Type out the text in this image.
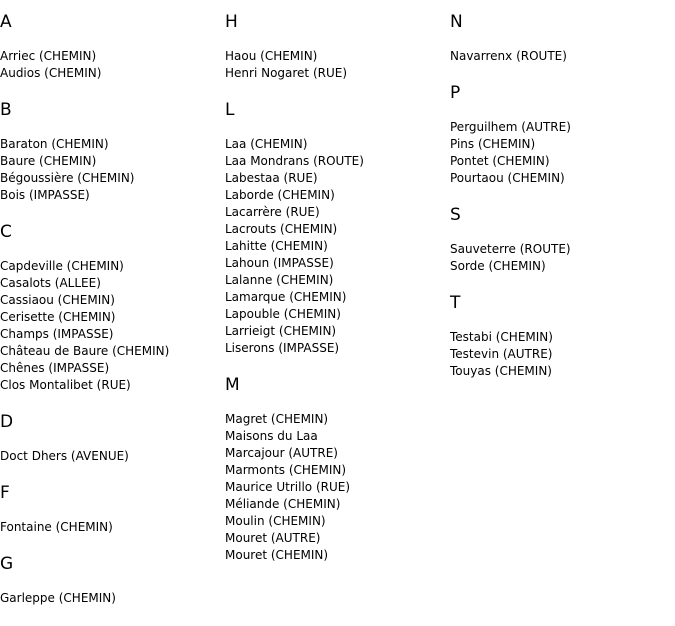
A
Arriec (CHEMIN)
Audios (CHEMIN)
B
Baraton (CHEMIN)
Baure (CHEMIN)
Bégoussière (CHEMIN)
Bois (IMPASSE)
C
Capdeville (CHEMIN)
Casalots (ALLEE)
Cassiaou (CHEMIN)
Cerisette (CHEMIN)
Champs (IMPASSE)
Château de Baure (CHEMIN)
Chênes (IMPASSE)
Clos Montalibet (RUE)
D
Doct Dhers (AVENUE)
F
Fontaine (CHEMIN)
G
Garleppe (CHEMIN)
H
Haou (CHEMIN)
Henri Nogaret (RUE)
L
Laa (CHEMIN)
Laa Mondrans (ROUTE)
Labestaa (RUE)
Laborde (CHEMIN)
Lacarrère (RUE)
Lacrouts (CHEMIN)
Lahitte (CHEMIN)
Lahoun (IMPASSE)
Lalanne (CHEMIN)
Lamarque (CHEMIN)
Lapouble (CHEMIN)
Larrieigt (CHEMIN)
Liserons (IMPASSE)
M
Magret (CHEMIN)
Maisons du Laa
Marcajour (AUTRE)
Marmonts (CHEMIN)
Maurice Utrillo (RUE)
Méliande (CHEMIN)
Moulin (CHEMIN)
Mouret (AUTRE)
Mouret (CHEMIN)
N
Navarrenx (ROUTE)
P
Perguilhem (AUTRE)
Pins (CHEMIN)
Pontet (CHEMIN)
Pourtaou (CHEMIN)
S
Sauveterre (ROUTE)
Sorde (CHEMIN)
T
Testabi (CHEMIN)
Testevin (AUTRE)
Touyas (CHEMIN)
